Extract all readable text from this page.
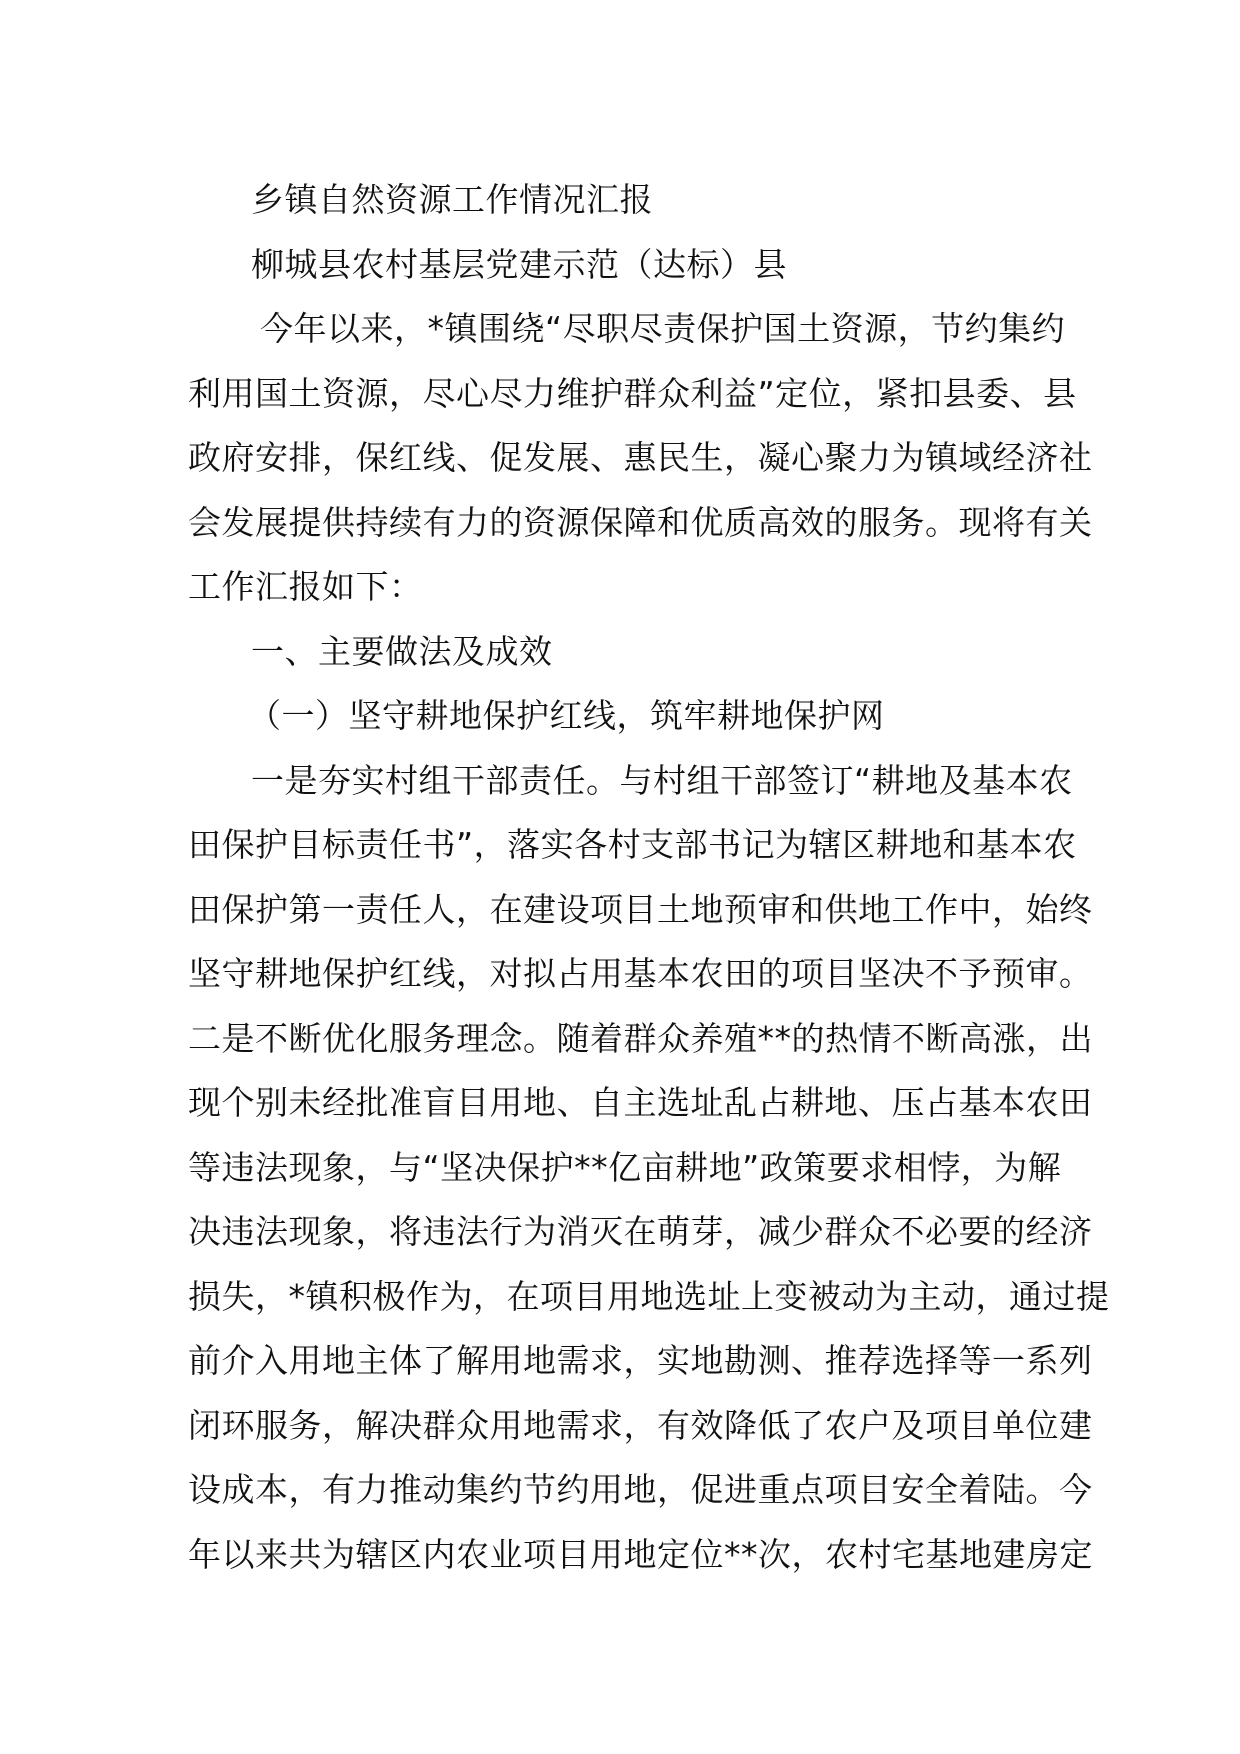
乡镇自然资源工作情况汇报

柳城县农村基层党建示范（达标）县

今年以来，*镇围绕“尽职尽责保护国土资源，节约集约

利用国土资源，尽心尽力维护群众利益”定位，紧扣县委、县

政府安排，保红线、促发展、惠民生，凝心聚力为镇域经济社

会发展提供持续有力的资源保障和优质高效的服务。现将有关

工作汇报如下：

一、主要做法及成效

（一）坚守耕地保护红线，筑牢耕地保护网

一是夯实村组干部责任。与村组干部签订“耕地及基本农

田保护目标责任书”，落实各村支部书记为辖区耕地和基本农

田保护第一责任人，在建设项目土地预审和供地工作中，始终

坚守耕地保护红线，对拟占用基本农田的项目坚决不予预审。

二是不断优化服务理念。随着群众养殖**的热情不断高涨，出

现个别未经批准盲目用地、自主选址乱占耕地、压占基本农田

等违法现象，与“坚决保护**亿亩耕地”政策要求相悖，为解

决违法现象，将违法行为消灭在萌芽，减少群众不必要的经济

损失，*镇积极作为，在项目用地选址上变被动为主动，通过提

前介入用地主体了解用地需求，实地勘测、推荐选择等一系列

闭环服务，解决群众用地需求，有效降低了农户及项目单位建

设成本，有力推动集约节约用地，促进重点项目安全着陆。今

年以来共为辖区内农业项目用地定位**次，农村宅基地建房定
